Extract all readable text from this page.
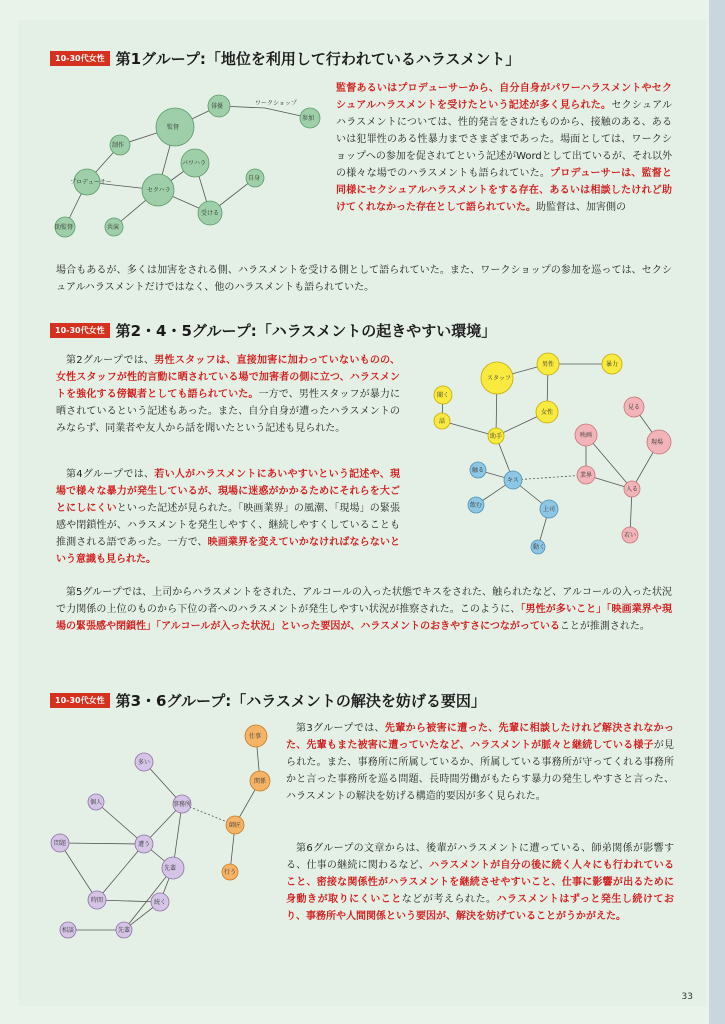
10-30代女性 第1グループ:「地位を利用して行われているハラスメント」
監督
俳優	ワークショップ
参加
制作
プロデューサー
セクハラ
パワハラ
受ける
自身
助監督	共演
監督あるいはプロデューサーから、自分自身がパワーハラスメントやセクシュアルハラスメントを受けたという記述が多く見られた。セクシュアルハラスメントについては、性的発言をされたものから、接触のある、あるいは犯罪性のある性暴力までさまざまであった。場面としては、ワークショップへの参加を促されてという記述がWordとして出ているが、それ以外の様々な場でのハラスメントも語られていた。プロデューサーは、監督と同様にセクシュアルハラスメントをする存在、あるいは相談したけれど助けてくれなかった存在として語られていた。助監督は、加害側の
場合もあるが、多くは加害をされる側、ハラスメントを受ける側として語られていた。また、ワークショップの参加を巡っては、セクシュアルハラスメントだけではなく、他のハラスメントも語られていた。
10-30代女性 第2・4・5グループ:「ハラスメントの起きやすい環境」
第2グループでは、男性スタッフは、直接加害に加わっていないものの、女性スタッフが性的言動に晒されている場で加害者の側に立つ、ハラスメントを強化する傍観者としても語られていた。一方で、男性スタッフが暴力に晒されているという記述もあった。また、自分自身が遭ったハラスメントのみならず、同業者や友人から話を聞いたという記述も見られた。
第4グループでは、若い人がハラスメントにあいやすいという記述や、現場で様々な暴力が発生しているが、現場に迷惑がかかるためにそれらを大ごとにしにくいといった記述が見られた。「映画業界」の風潮、「現場」の緊張感や閉鎖性が、ハラスメントを発生しやすく、継続しやすくしていることも推測される語であった。一方で、映画業界を変えていかなければならないという意識も見られた。
スタッフ
男性	暴力
女性
聞く
話
助手
キス
触る
飲む
上司
動く
見る
現場
映画
業界
入る
若い
第5グループでは、上司からハラスメントをされた、アルコールの入った状態でキスをされた、触られたなど、アルコールの入った状況で力関係の上位のものから下位の者へのハラスメントが発生しやすい状況が推察された。このように、「男性が多いこと」「映画業界や現場の緊張感や閉鎖性」「アルコールが入った状況」といった要因が、ハラスメントのおきやすさにつながっていることが推測された。
10-30代女性 第3・6グループ:「ハラスメントの解決を妨げる要因」
仕事
関係
師匠
行う
多い
事務所
個人
問題	遭う
先輩
時間	続く
相談	先輩
第3グループでは、先輩から被害に遭った、先輩に相談したけれど解決されなかった、先輩もまた被害に遭っていたなど、ハラスメントが脈々と継続している様子が見られた。また、事務所に所属しているか、所属している事務所が守ってくれる事務所かと言った事務所を巡る問題、長時間労働がもたらす暴力の発生しやすさと言った、ハラスメントの解決を妨げる構造的要因が多く見られた。
第6グループの文章からは、後輩がハラスメントに遭っている、師弟関係が影響する、仕事の継続に関わるなど、ハラスメントが自分の後に続く人々にも行われていること、密接な関係性がハラスメントを継続させやすいこと、仕事に影響が出るために身動きが取りにくいことなどが考えられた。ハラスメントはずっと発生し続けており、事務所や人間関係という要因が、解決を妨げていることがうかがえた。
33
